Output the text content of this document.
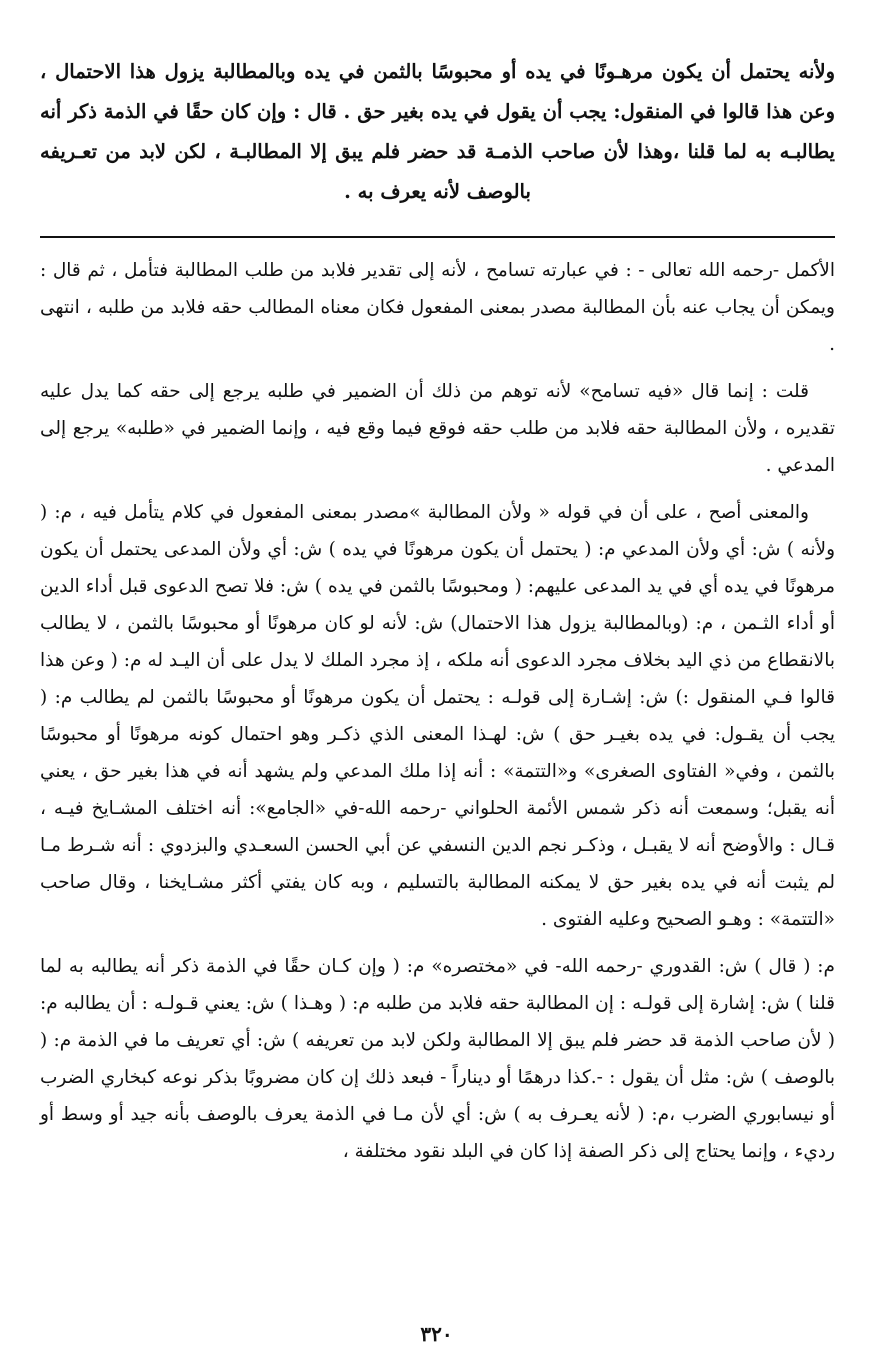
ولأنه يحتمل أن يكون مرهـونًا في يده أو محبوسًا بالثمن في يده وبالمطالبة يزول هذا الاحتمال ، وعن هذا قالوا في المنقول: يجب أن يقول في يده بغير حق . قال : وإن كان حقًا في الذمة ذكر أنه يطالبـه به لما قلنا ،وهذا لأن صاحب الذمـة قد حضر فلم يبق إلا المطالبـة ، لكن لابد من تعـريفه بالوصف لأنه يعرف به .

الأكمل -رحمه الله تعالى - : في عبارته تسامح ، لأنه إلى تقدير فلابد من طلب المطالبة فتأمل ، ثم قال : ويمكن أن يجاب عنه بأن المطالبة مصدر بمعنى المفعول فكان معناه المطالب حقه فلابد من طلبه ، انتهى .

قلت : إنما قال «فيه تسامح» لأنه توهم من ذلك أن الضمير في طلبه يرجع إلى حقه كما يدل عليه تقديره ، ولأن المطالبة حقه فلابد من طلب حقه فوقع فيما وقع فيه ، وإنما الضمير في «طلبه» يرجع إلى المدعي .

والمعنى أصح ، على أن في قوله « ولأن المطالبة »مصدر بمعنى المفعول في كلام يتأمل فيه ، م: ( ولأنه ) ش: أي ولأن المدعي م: ( يحتمل أن يكون مرهونًا في يده ) ش: أي ولأن المدعى يحتمل أن يكون مرهونًا في يده أي في يد المدعى عليهم: ( ومحبوسًا بالثمن في يده ) ش: فلا تصح الدعوى قبل أداء الدين أو أداء الثـمن ، م: (وبالمطالبة يزول هذا الاحتمال) ش: لأنه لو كان مرهونًا أو محبوسًا بالثمن ، لا يطالب بالانقطاع من ذي اليد بخلاف مجرد الدعوى أنه ملكه ، إذ مجرد الملك لا يدل على أن اليـد له م: ( وعن هذا قالوا فـي المنقول :) ش: إشـارة إلى قولـه : يحتمل أن يكون مرهونًا أو محبوسًا بالثمن لم يطالب م: ( يجب أن يقـول: في يده بغيـر حق ) ش: لهـذا المعنى الذي ذكـر وهو احتمال كونه مرهونًا أو محبوسًا بالثمن ، وفي« الفتاوى الصغرى» و«التتمة» : أنه إذا ملك المدعي ولم يشهد أنه في هذا بغير حق ، يعني أنه يقبل؛ وسمعت أنه ذكر شمس الأئمة الحلواني -رحمه الله-في «الجامع»: أنه اختلف المشـايخ فيـه ، قـال : والأوضح أنه لا يقبـل ، وذكـر نجم الدين النسفي عن أبي الحسن السعـدي والبزدوي : أنه شـرط مـا لم يثبت أنه في يده بغير حق لا يمكنه المطالبة بالتسليم ، وبه كان يفتي أكثر مشـايخنا ، وقال صاحب «التتمة» : وهـو الصحيح وعليه الفتوى .

م: ( قال ) ش: القدوري -رحمه الله- في «مختصره» م: ( وإن كـان حقًا في الذمة ذكر أنه يطالبه به لما قلنا ) ش: إشارة إلى قولـه : إن المطالبة حقه فلابد من طلبه م: ( وهـذا ) ش: يعني قـولـه : أن يطالبه م: ( لأن صاحب الذمة قد حضر فلم يبق إلا المطالبة ولكن لابد من تعريفه ) ش: أي تعريف ما في الذمة م: ( بالوصف ) ش: مثل أن يقول : -.كذا درهمًا أو ديناراً - فبعد ذلك إن كان مضروبًا بذكر نوعه كبخاري الضرب أو نيسابوري الضرب ،م: ( لأنه يعـرف به ) ش: أي لأن مـا في الذمة يعرف بالوصف بأنه جيد أو وسط أو رديء ، وإنما يحتاج إلى ذكر الصفة إذا كان في البلد نقود مختلفة ،

٣٢٠
